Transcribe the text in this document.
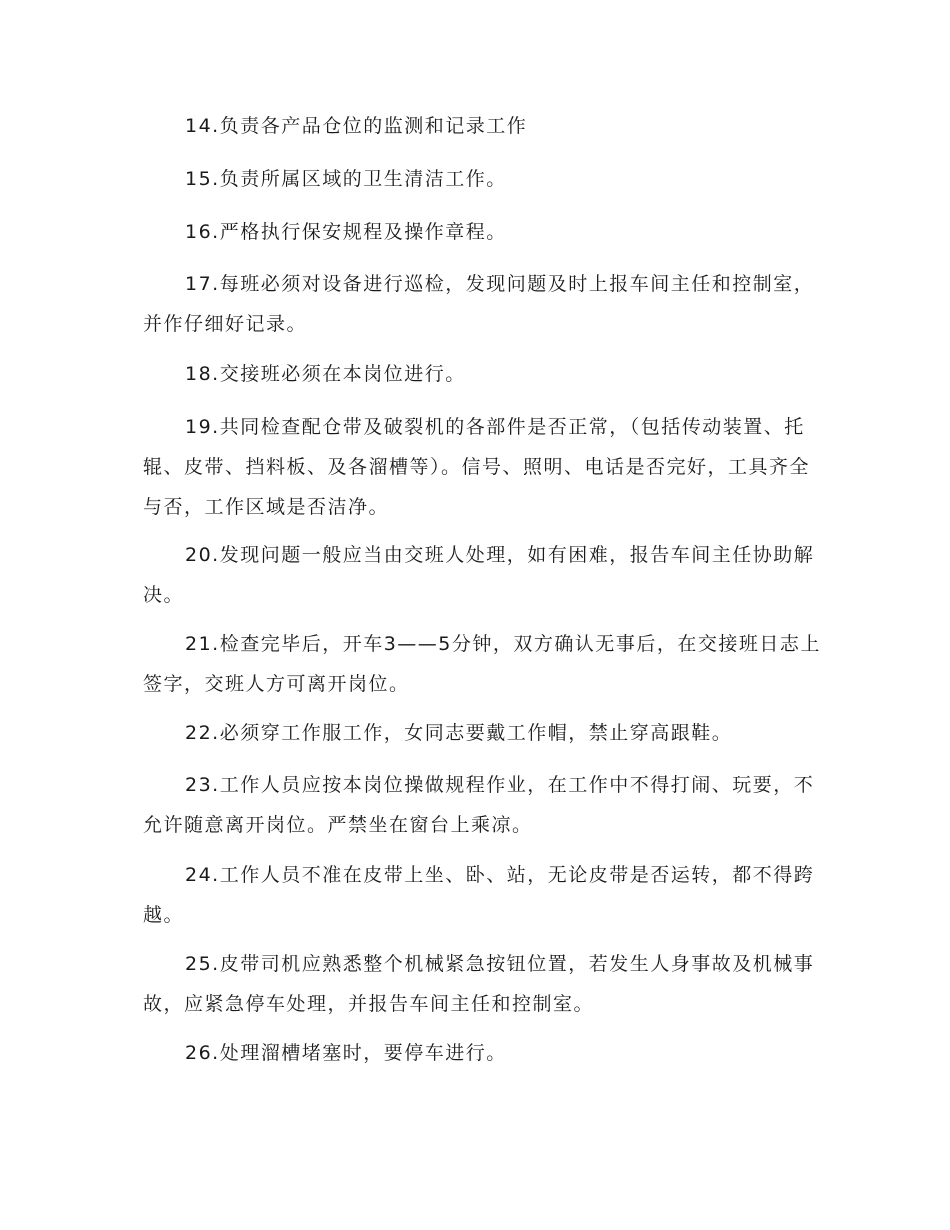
14.负责各产品仓位的监测和记录工作

15.负责所属区域的卫生清洁工作。

16.严格执行保安规程及操作章程。

17.每班必须对设备进行巡检，发现问题及时上报车间主任和控制室，并作仔细好记录。

18.交接班必须在本岗位进行。

19.共同检查配仓带及破裂机的各部件是否正常，（包括传动装置、托辊、皮带、挡料板、及各溜槽等）。信号、照明、电话是否完好，工具齐全与否，工作区域是否洁净。

20.发现问题一般应当由交班人处理，如有困难，报告车间主任协助解决。

21.检查完毕后，开车3——5分钟，双方确认无事后，在交接班日志上签字，交班人方可离开岗位。

22.必须穿工作服工作，女同志要戴工作帽，禁止穿高跟鞋。

23.工作人员应按本岗位操做规程作业，在工作中不得打闹、玩要，不允许随意离开岗位。严禁坐在窗台上乘凉。

24.工作人员不准在皮带上坐、卧、站，无论皮带是否运转，都不得跨越。

25.皮带司机应熟悉整个机械紧急按钮位置，若发生人身事故及机械事故，应紧急停车处理，并报告车间主任和控制室。

26.处理溜槽堵塞时，要停车进行。
